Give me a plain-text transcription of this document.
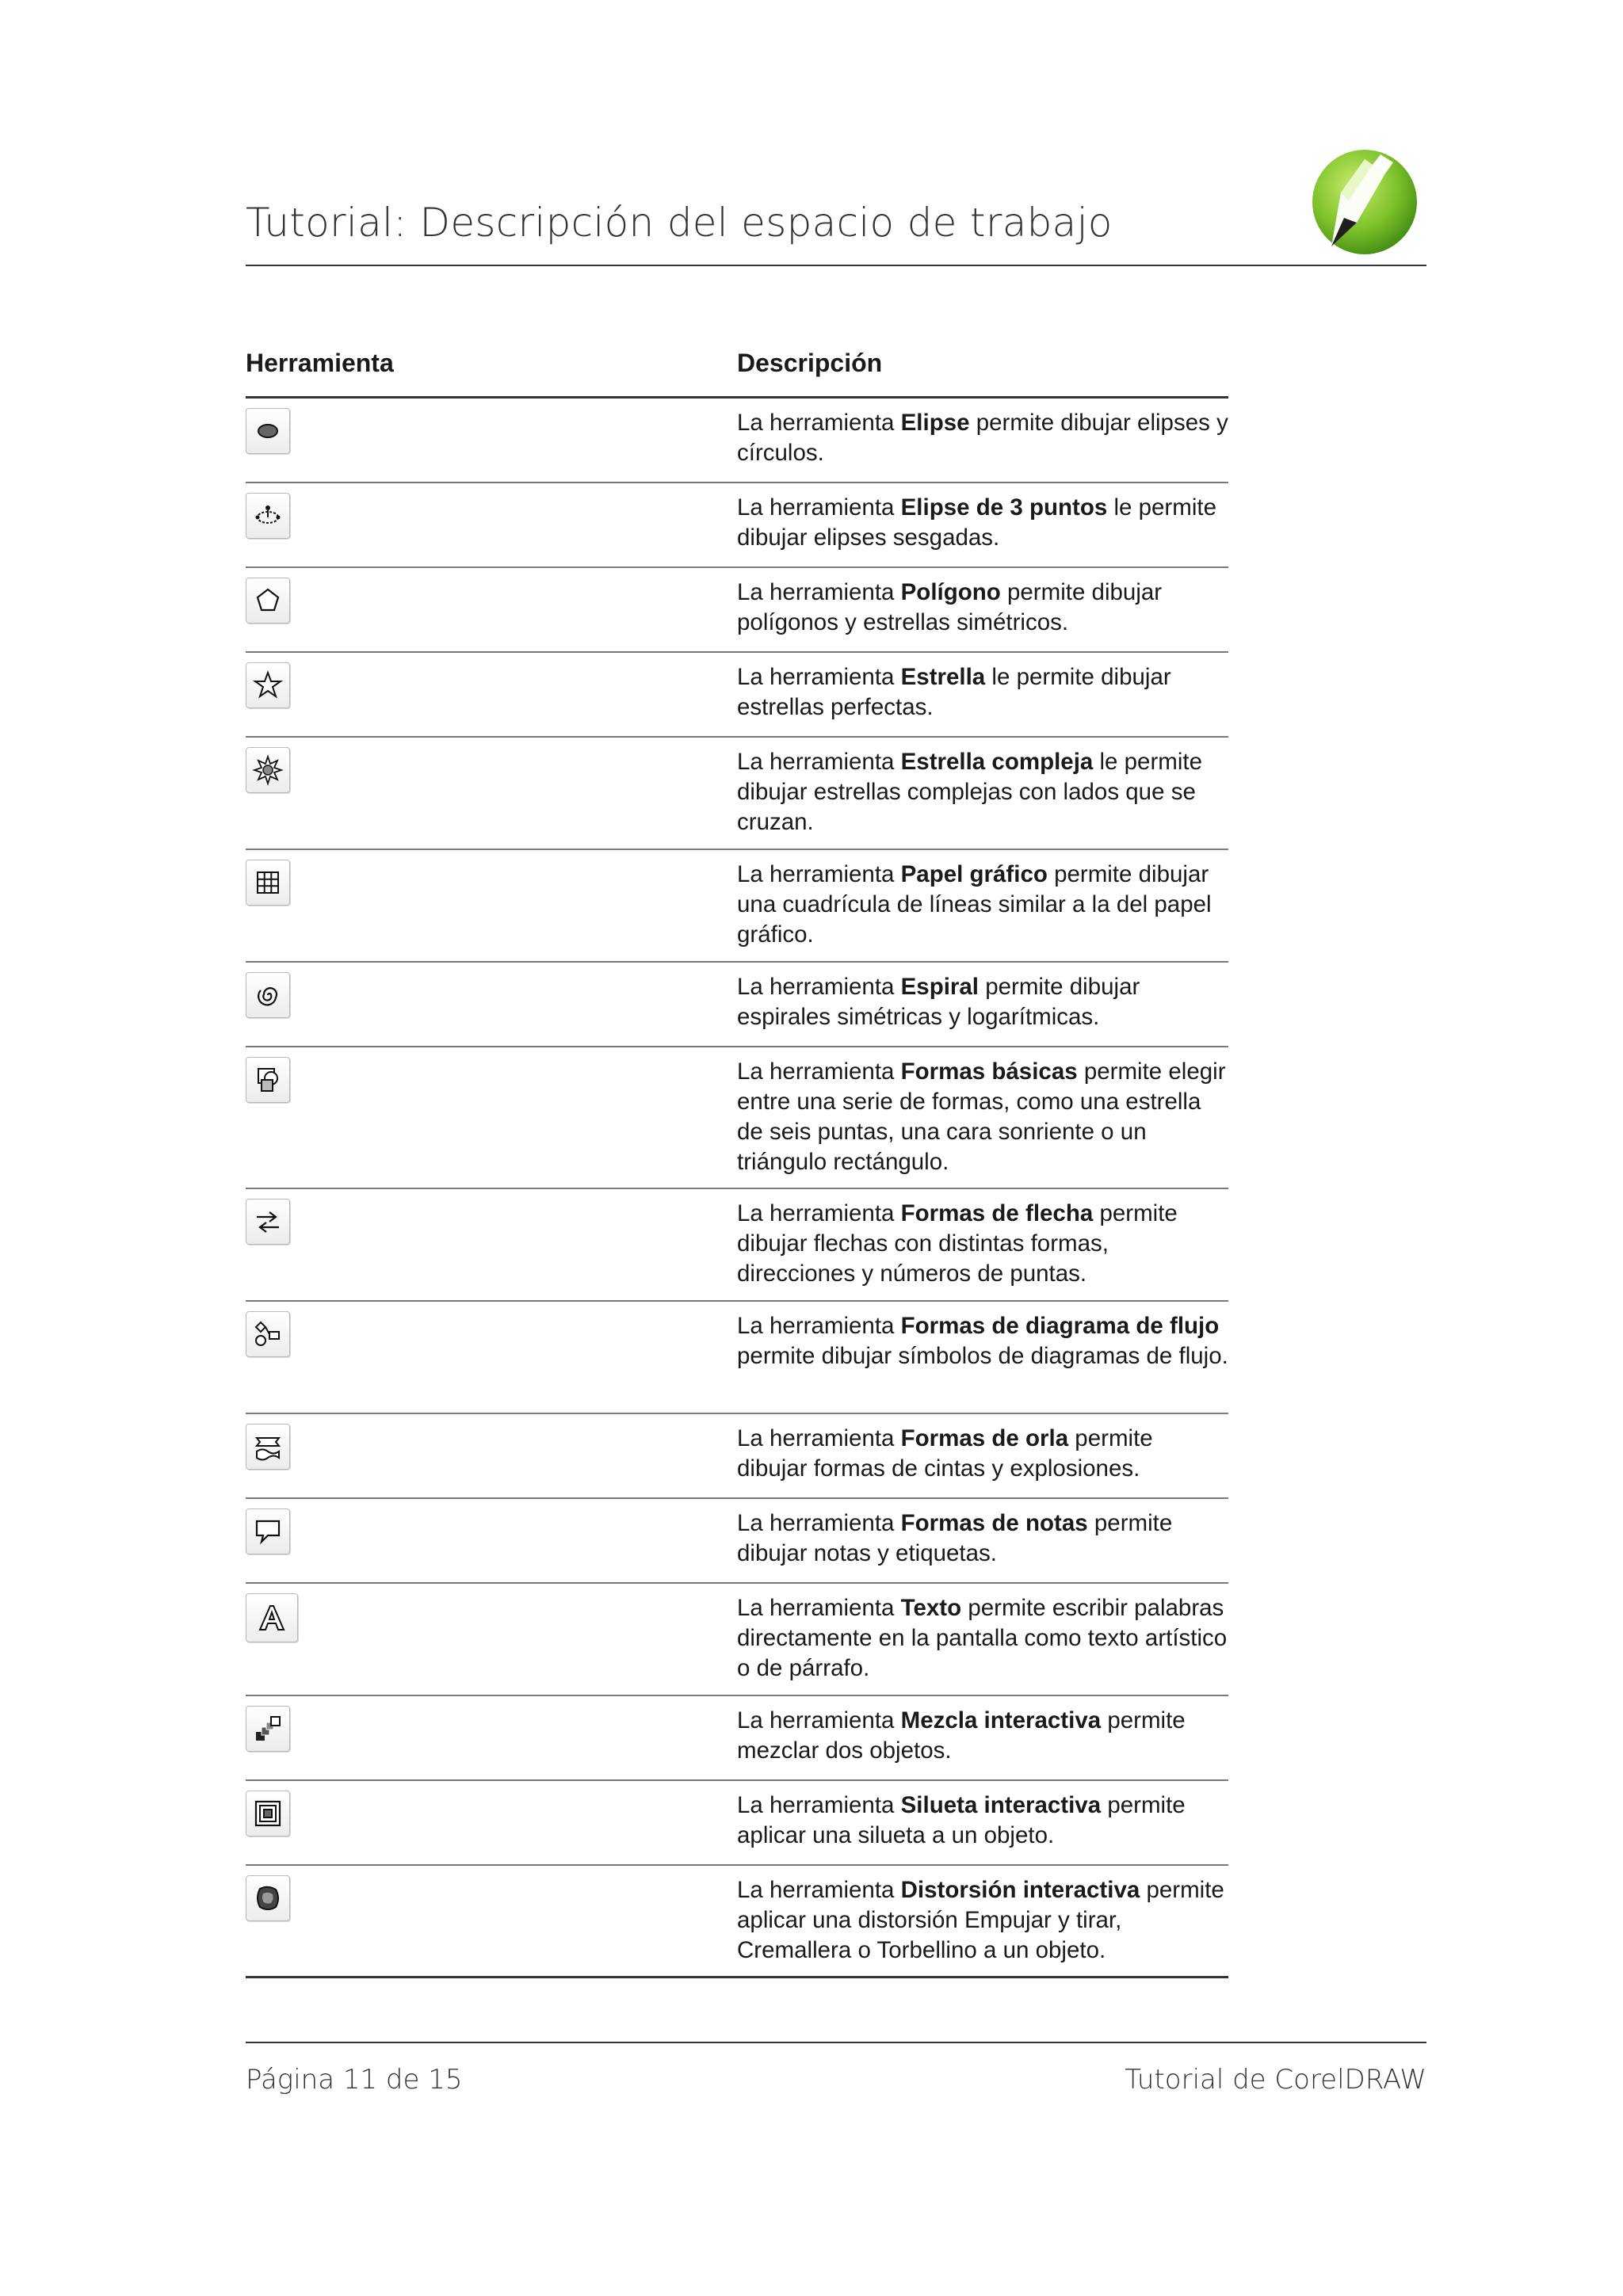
Tutorial: Descripción del espacio de trabajo
Herramienta	Descripción
La herramienta Elipse permite dibujar elipses y círculos.
La herramienta Elipse de 3 puntos le permite dibujar elipses sesgadas.
La herramienta Polígono permite dibujar polígonos y estrellas simétricos.
La herramienta Estrella le permite dibujar estrellas perfectas.
La herramienta Estrella compleja le permite dibujar estrellas complejas con lados que se cruzan.
La herramienta Papel gráfico permite dibujar una cuadrícula de líneas similar a la del papel gráfico.
La herramienta Espiral permite dibujar espirales simétricas y logarítmicas.
La herramienta Formas básicas permite elegir entre una serie de formas, como una estrella de seis puntas, una cara sonriente o un triángulo rectángulo.
La herramienta Formas de flecha permite dibujar flechas con distintas formas, direcciones y números de puntas.
La herramienta Formas de diagrama de flujo permite dibujar símbolos de diagramas de flujo.
La herramienta Formas de orla permite dibujar formas de cintas y explosiones.
La herramienta Formas de notas permite dibujar notas y etiquetas.
La herramienta Texto permite escribir palabras directamente en la pantalla como texto artístico o de párrafo.
La herramienta Mezcla interactiva permite mezclar dos objetos.
La herramienta Silueta interactiva permite aplicar una silueta a un objeto.
La herramienta Distorsión interactiva permite aplicar una distorsión Empujar y tirar, Cremallera o Torbellino a un objeto.
Página 11 de 15	Tutorial de CorelDRAW
